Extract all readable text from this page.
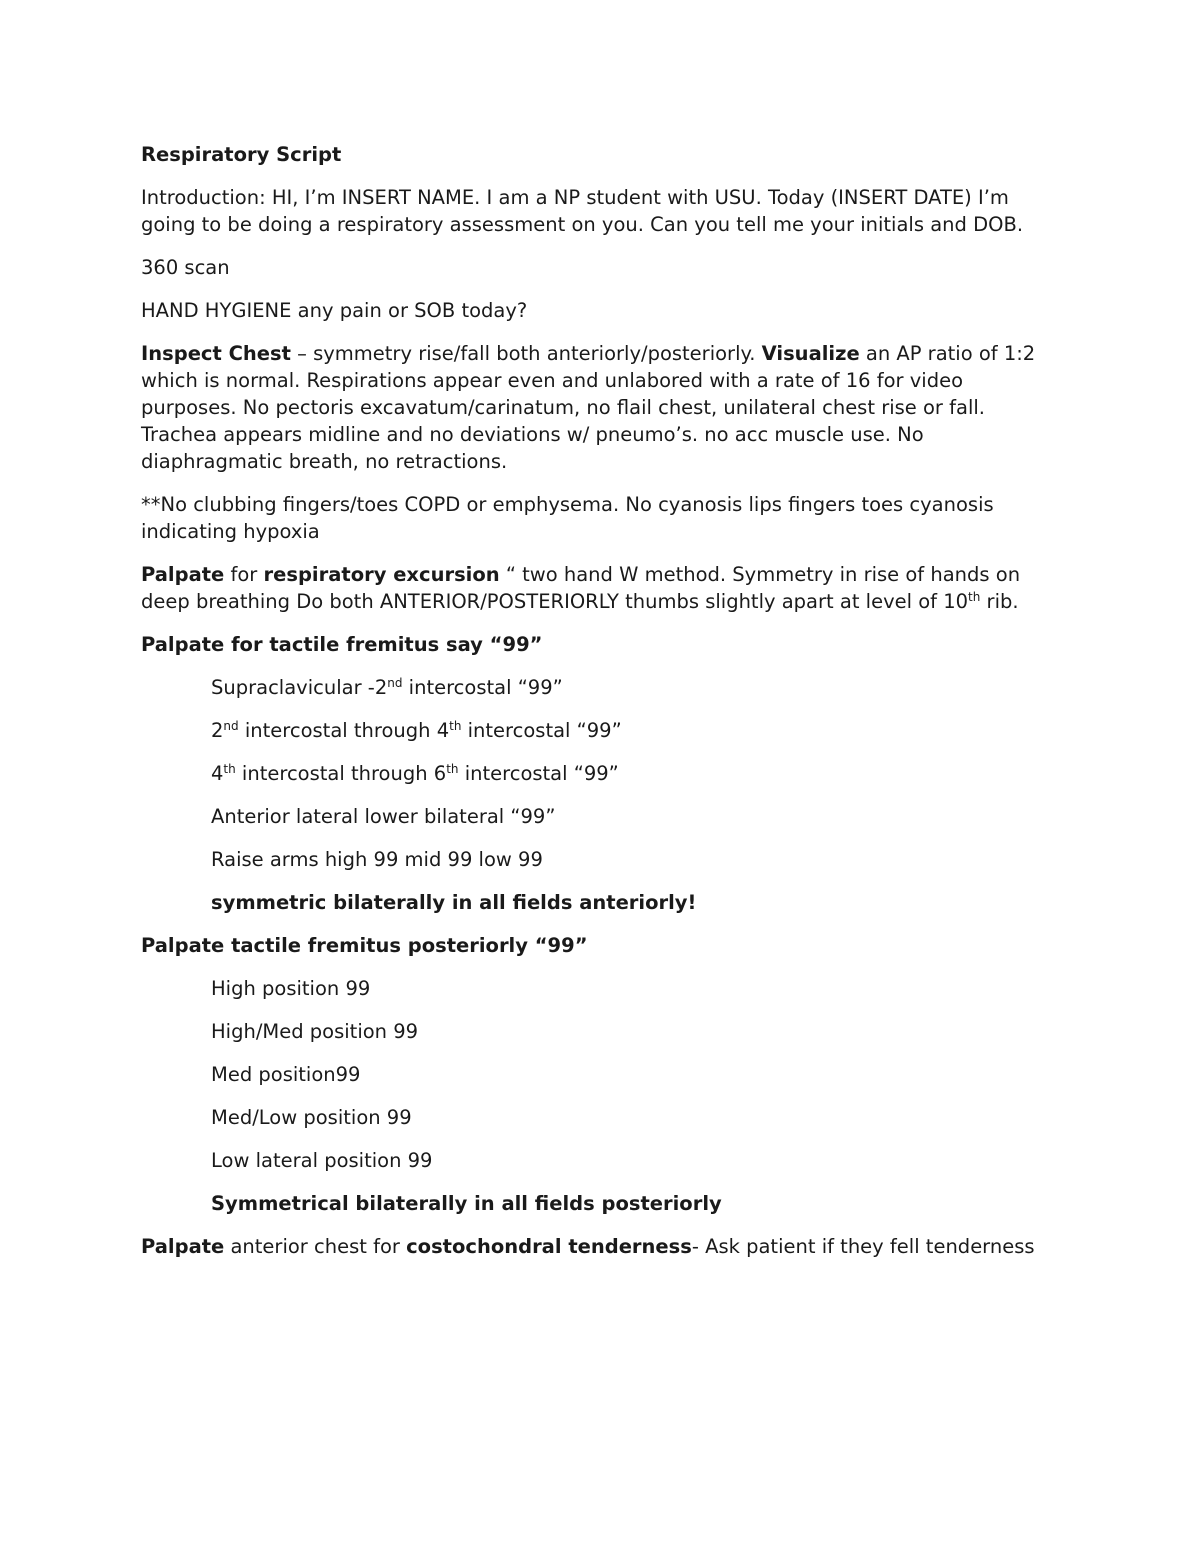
Respiratory Script

Introduction: HI, I’m INSERT NAME. I am a NP student with USU. Today (INSERT DATE) I’m going to be doing a respiratory assessment on you. Can you tell me your initials and DOB.

360 scan

HAND HYGIENE any pain or SOB today?

Inspect Chest – symmetry rise/fall both anteriorly/posteriorly. Visualize an AP ratio of 1:2 which is normal. Respirations appear even and unlabored with a rate of 16 for video purposes. No pectoris excavatum/carinatum, no flail chest, unilateral chest rise or fall. Trachea appears midline and no deviations w/ pneumo’s. no acc muscle use. No diaphragmatic breath, no retractions.

**No clubbing fingers/toes COPD or emphysema. No cyanosis lips fingers toes cyanosis indicating hypoxia

Palpate for respiratory excursion “ two hand W method. Symmetry in rise of hands on deep breathing Do both ANTERIOR/POSTERIORLY thumbs slightly apart at level of 10th rib.

Palpate for tactile fremitus say “99”

Supraclavicular -2nd intercostal “99”

2nd intercostal through 4th intercostal “99”

4th intercostal through 6th intercostal “99”

Anterior lateral lower bilateral “99”

Raise arms high 99 mid 99 low 99

symmetric bilaterally in all fields anteriorly!

Palpate tactile fremitus posteriorly “99”

High position 99

High/Med position 99

Med position99

Med/Low position 99

Low lateral position 99

Symmetrical bilaterally in all fields posteriorly

Palpate anterior chest for costochondral tenderness- Ask patient if they fell tenderness
